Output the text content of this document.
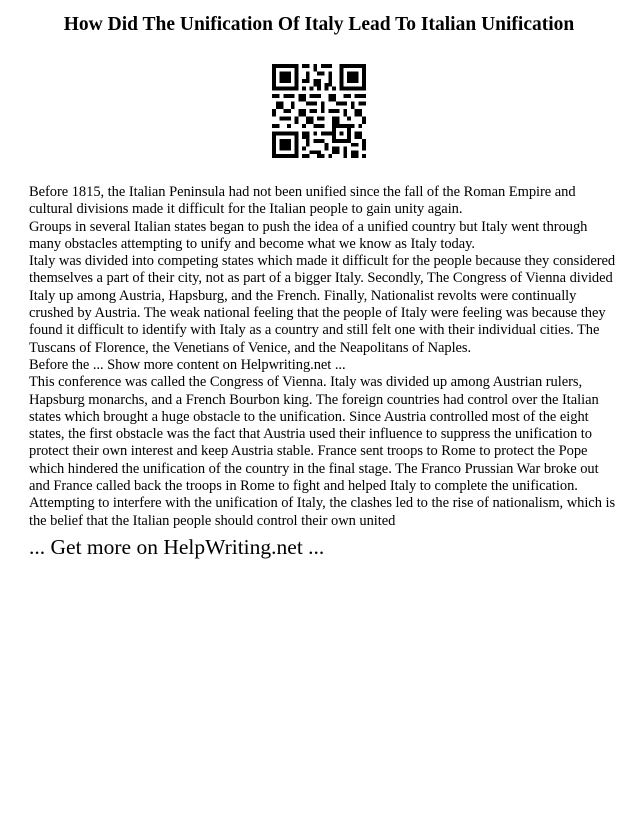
How Did The Unification Of Italy Lead To Italian Unification

Before 1815, the Italian Peninsula had not been unified since the fall of the Roman Empire and cultural divisions made it difficult for the Italian people to gain unity again.

Groups in several Italian states began to push the idea of a unified country but Italy went through many obstacles attempting to unify and become what we know as Italy today.

Italy was divided into competing states which made it difficult for the people because they considered themselves a part of their city, not as part of a bigger Italy. Secondly, The Congress of Vienna divided Italy up among Austria, Hapsburg, and the French. Finally, Nationalist revolts were continually crushed by Austria. The weak national feeling that the people of Italy were feeling was because they found it difficult to identify with Italy as a country and still felt one with their individual cities. The Tuscans of Florence, the Venetians of Venice, and the Neapolitans of Naples.

Before the ... Show more content on Helpwriting.net ...

This conference was called the Congress of Vienna. Italy was divided up among Austrian rulers, Hapsburg monarchs, and a French Bourbon king. The foreign countries had control over the Italian states which brought a huge obstacle to the unification. Since Austria controlled most of the eight states, the first obstacle was the fact that Austria used their influence to suppress the unification to protect their own interest and keep Austria stable. France sent troops to Rome to protect the Pope which hindered the unification of the country in the final stage. The Franco Prussian War broke out and France called back the troops in Rome to fight and helped Italy to complete the unification. Attempting to interfere with the unification of Italy, the clashes led to the rise of nationalism, which is the belief that the Italian people should control their own united

... Get more on HelpWriting.net ...
